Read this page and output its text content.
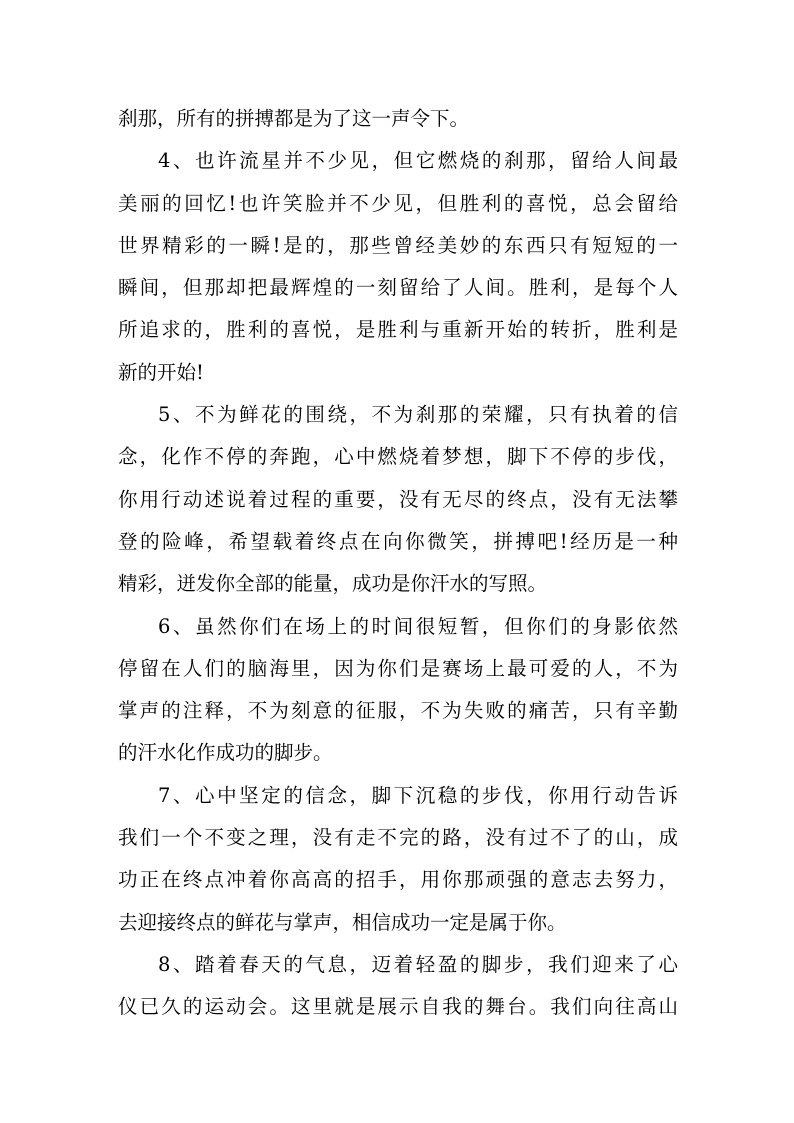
刹那，所有的拼搏都是为了这一声令下。
4、也许流星并不少见，但它燃烧的刹那，留给人间最
美丽的回忆!也许笑脸并不少见，但胜利的喜悦，总会留给
世界精彩的一瞬!是的，那些曾经美妙的东西只有短短的一
瞬间，但那却把最辉煌的一刻留给了人间。胜利，是每个人
所追求的，胜利的喜悦，是胜利与重新开始的转折，胜利是
新的开始!
5、不为鲜花的围绕，不为刹那的荣耀，只有执着的信
念，化作不停的奔跑，心中燃烧着梦想，脚下不停的步伐，
你用行动述说着过程的重要，没有无尽的终点，没有无法攀
登的险峰，希望载着终点在向你微笑，拼搏吧!经历是一种
精彩，迸发你全部的能量，成功是你汗水的写照。
6、虽然你们在场上的时间很短暂，但你们的身影依然
停留在人们的脑海里，因为你们是赛场上最可爱的人，不为
掌声的注释，不为刻意的征服，不为失败的痛苦，只有辛勤
的汗水化作成功的脚步。
7、心中坚定的信念，脚下沉稳的步伐，你用行动告诉
我们一个不变之理，没有走不完的路，没有过不了的山，成
功正在终点冲着你高高的招手，用你那顽强的意志去努力，
去迎接终点的鲜花与掌声，相信成功一定是属于你。
8、踏着春天的气息，迈着轻盈的脚步，我们迎来了心
仪已久的运动会。这里就是展示自我的舞台。我们向往高山
